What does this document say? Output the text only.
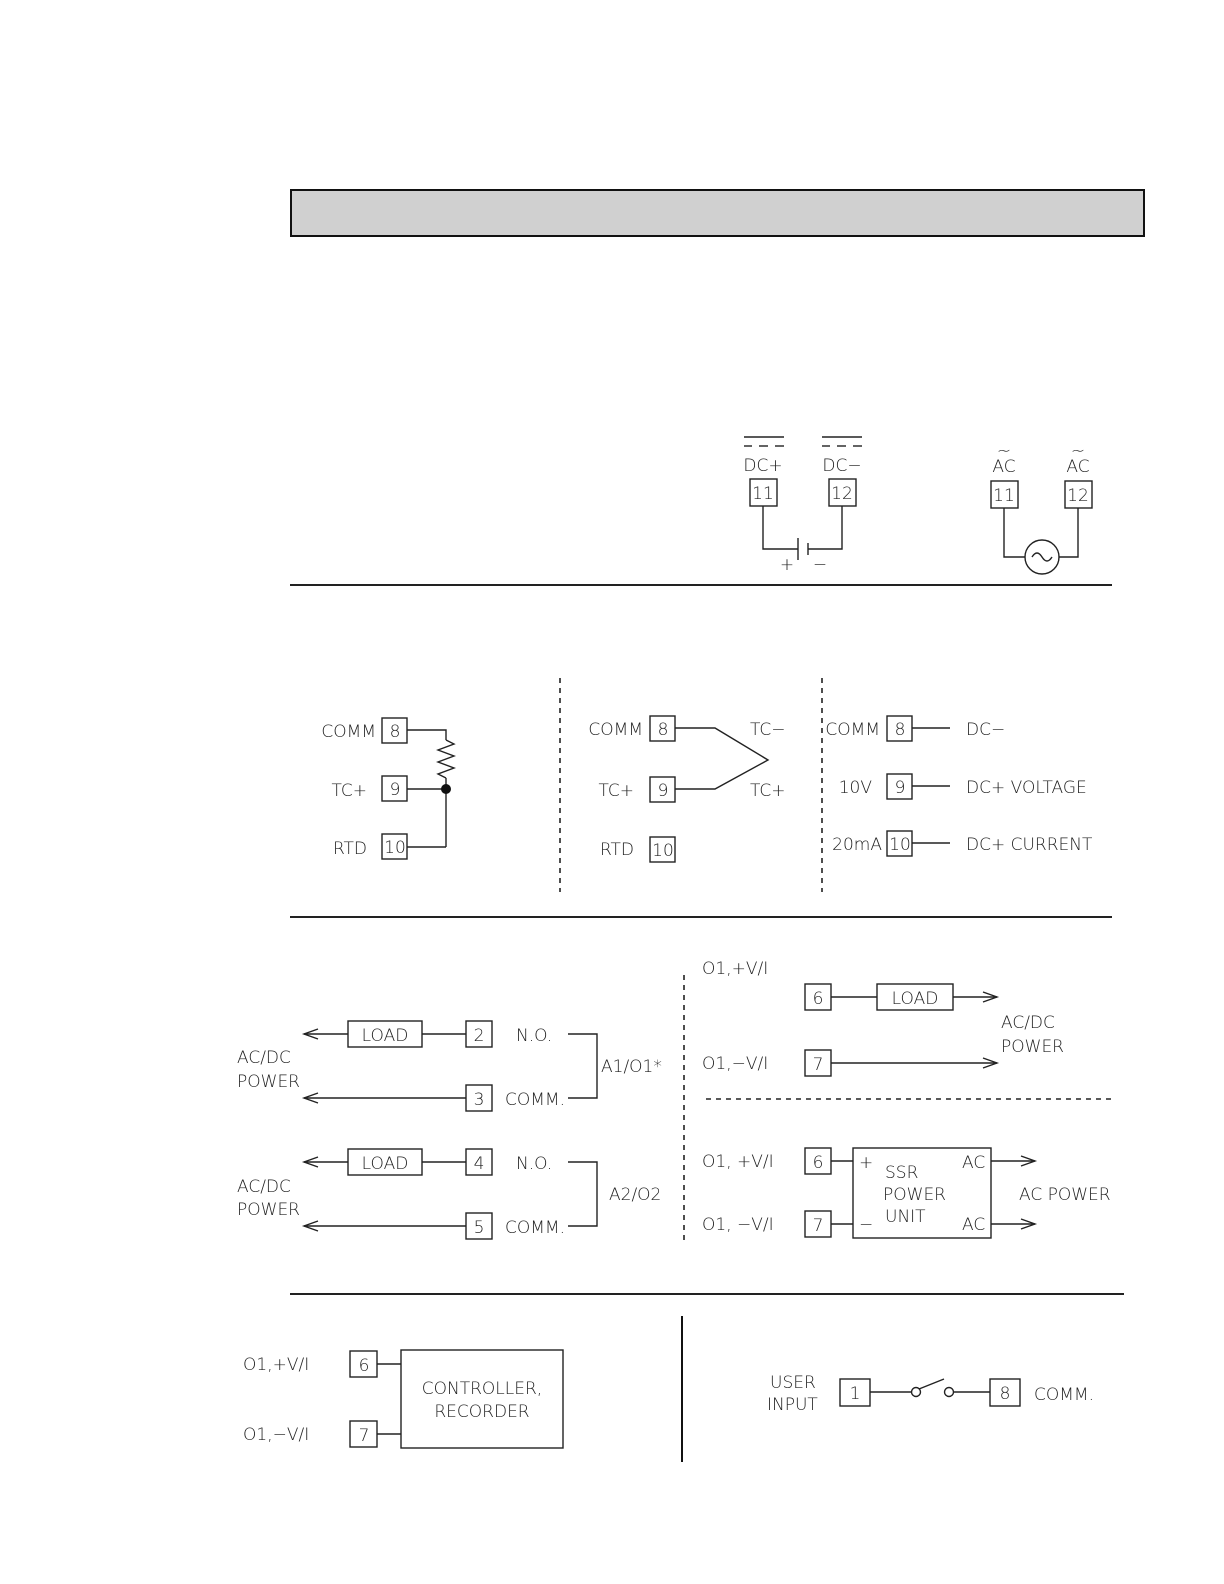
DC+ DC−
11	12
+ −
~	~
AC	AC
11	12
COMM
TC+
RTD
8
9
10
COMM
TC+
RTD
8
9
10
TC−
TC+
COMM
10V
20mA
8
9
10
DC−
DC+ VOLTAGE
DC+ CURRENT
LOAD	2 N.O.
AC/DC
POWER
3 COMM.
A1/O1*
LOAD	4 N.O.
AC/DC
POWER
5 COMM.
A2/O2
O1,+V/I
6	LOAD
AC/DC
POWER
O1,−V/I	7
O1, +V/I 6
O1, −V/I 7
+
−
SSR
POWER
UNIT
AC
AC
AC POWER
O1,+V/I	6
O1,−V/I	7
CONTROLLER,
RECORDER
USER
INPUT
1	8 COMM.
